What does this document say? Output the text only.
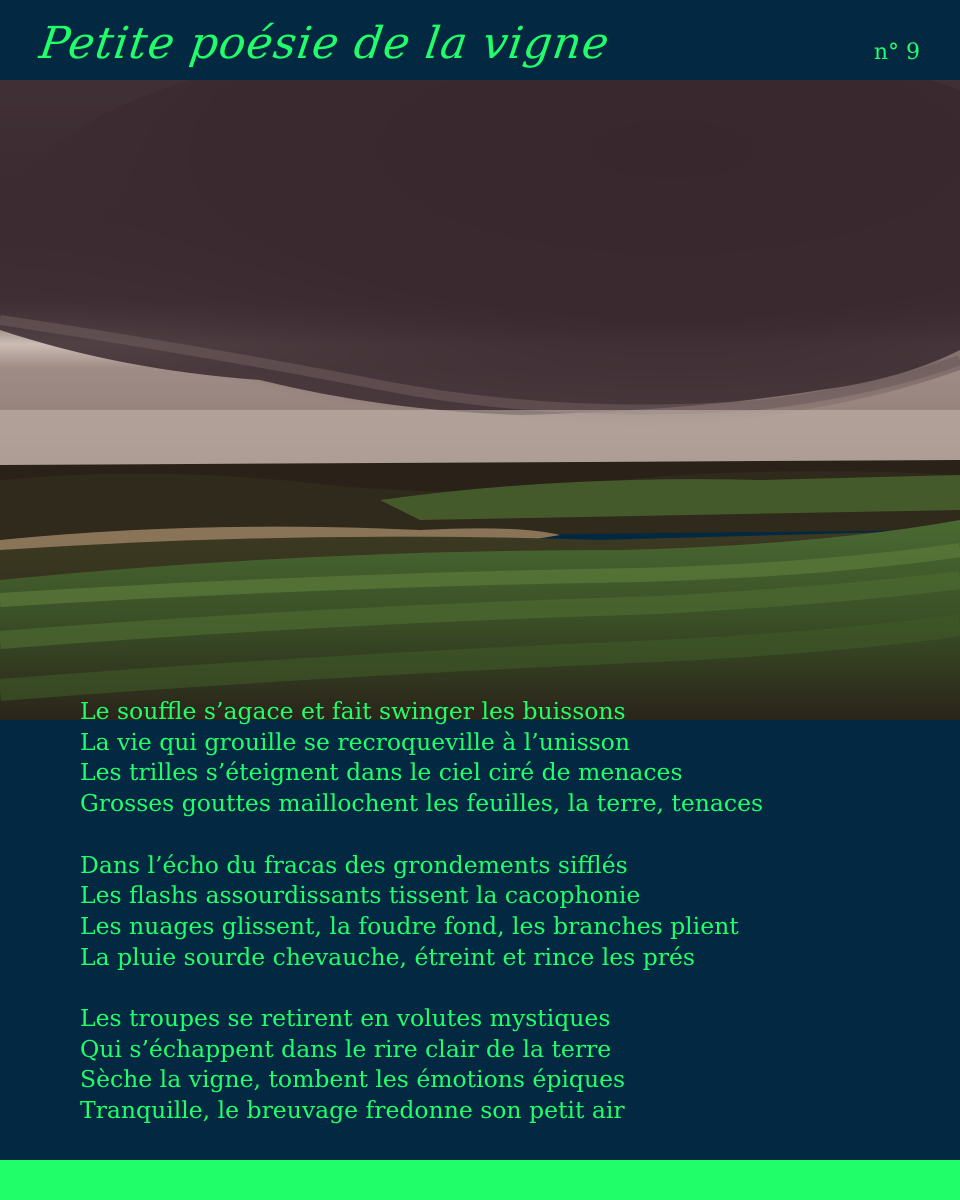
Petite poésie de la vigne	n° 9
Le souffle s’agace et fait swinger les buissons
La vie qui grouille se recroqueville à l’unisson
Les trilles s’éteignent dans le ciel ciré de menaces
Grosses gouttes maillochent les feuilles, la terre, tenaces
Dans l’écho du fracas des grondements sifflés
Les flashs assourdissants tissent la cacophonie
Les nuages glissent, la foudre fond, les branches plient
La pluie sourde chevauche, étreint et rince les prés
Les troupes se retirent en volutes mystiques
Qui s’échappent dans le rire clair de la terre
Sèche la vigne, tombent les émotions épiques
Tranquille, le breuvage fredonne son petit air
